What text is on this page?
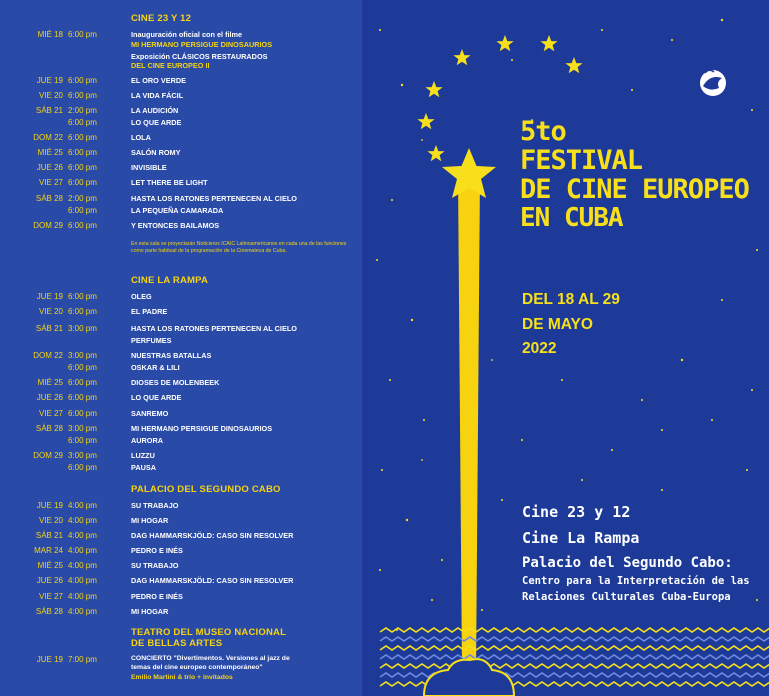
CINE 23 Y 12
CINE LA RAMPA
PALACIO DEL SEGUNDO CABO
TEATRO DEL MUSEO NACIONAL
DE BELLAS ARTES
MIÉ 18 6:00 pm	Inauguración oficial con el filme
MI HERMANO PERSIGUE DINOSAURIOS
Exposición CLÁSICOS RESTAURADOS
DEL CINE EUROPEO II
JUE 19 6:00 pm	EL ORO VERDE
VIE 20 6:00 pm	LA VIDA FÁCIL
SÁB 21 2:00 pm	LA AUDICIÓN
6:00 pm	LO QUE ARDE
DOM 22 6:00 pm	LOLA
MIÉ 25 6:00 pm	SALÓN ROMY
JUE 26 6:00 pm	INVISIBLE
VIE 27 6:00 pm	LET THERE BE LIGHT
SÁB 28 2:00 pm	HASTA LOS RATONES PERTENECEN AL CIELO
6:00 pm	LA PEQUEÑA CAMARADA
DOM 29 6:00 pm	Y ENTONCES BAILAMOS
En esta sala se proyectarán Noticieros ICAIC Latinoamericanos en cada una de las funciones como parte habitual de la programación de la Cinemateca de Cuba.
JUE 19 6:00 pm	OLEG
VIE 20 6:00 pm	EL PADRE
SÁB 21 3:00 pm	HASTA LOS RATONES PERTENECEN AL CIELO
PERFUMES
DOM 22 3:00 pm	NUESTRAS BATALLAS
6:00 pm	OSKAR & LILI
MIÉ 25 6:00 pm	DIOSES DE MOLENBEEK
JUE 26 6:00 pm	LO QUE ARDE
VIE 27 6:00 pm	SANREMO
SÁB 28 3:00 pm	MI HERMANO PERSIGUE DINOSAURIOS
6:00 pm	AURORA
DOM 29 3:00 pm	LUZZU
6:00 pm	PAUSA
JUE 19 4:00 pm	SU TRABAJO
VIE 20 4:00 pm	MI HOGAR
SÁB 21 4:00 pm	DAG HAMMARSKJÖLD: CASO SIN RESOLVER
MAR 24 4:00 pm	PEDRO E INÉS
MIÉ 25 4:00 pm	SU TRABAJO
JUE 26 4:00 pm	DAG HAMMARSKJÖLD: CASO SIN RESOLVER
VIE 27 4:00 pm	PEDRO E INÉS
SÁB 28 4:00 pm	MI HOGAR
JUE 19 7:00 pm	CONCIERTO "Divertimentos. Versiones al jazz de
temas del cine europeo contemporáneo"
Emilio Martini & trío + invitados
5to
FESTIVAL
DE CINE EUROPEO
EN CUBA
DEL 18 AL 29
DE MAYO
2022
Cine 23 y 12
Cine La Rampa
Palacio del Segundo Cabo:
Centro para la Interpretación de las
Relaciones Culturales Cuba-Europa
